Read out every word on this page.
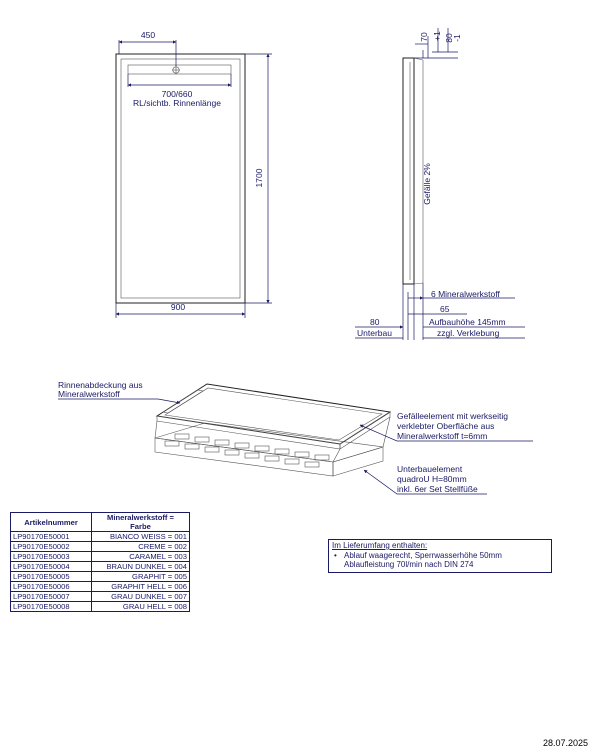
450
700/660
RL/sichtb. Rinnenlänge
1700
900
70 +1 80
-1
Gefälle 2%
6 Mineralwerkstoff
65
80	Aufbauhöhe 145mm
Unterbau	zzgl. Verklebung
Rinnenabdeckung aus
Mineralwerkstoff
Gefälleelement mit werkseitig
verklebter Oberfläche aus
Mineralwerkstoff t=6mm
Unterbauelement
quadroU H=80mm
inkl. 6er Set Stellfüße
Artikelnummer	Mineralwerkstoff =
Farbe
LP90170E50001	BIANCO WEISS = 001
LP90170E50002	CREME = 002
LP90170E50003	CARAMEL = 003
LP90170E50004	BRAUN DUNKEL = 004
LP90170E50005	GRAPHIT = 005
LP90170E50006	GRAPHIT HELL = 006
LP90170E50007	GRAU DUNKEL = 007
LP90170E50008	GRAU HELL = 008
Im Lieferumfang enthalten:
• Ablauf waagerecht, Sperrwasserhöhe 50mm
Ablaufleistung 70l/min nach DIN 274
28.07.2025
